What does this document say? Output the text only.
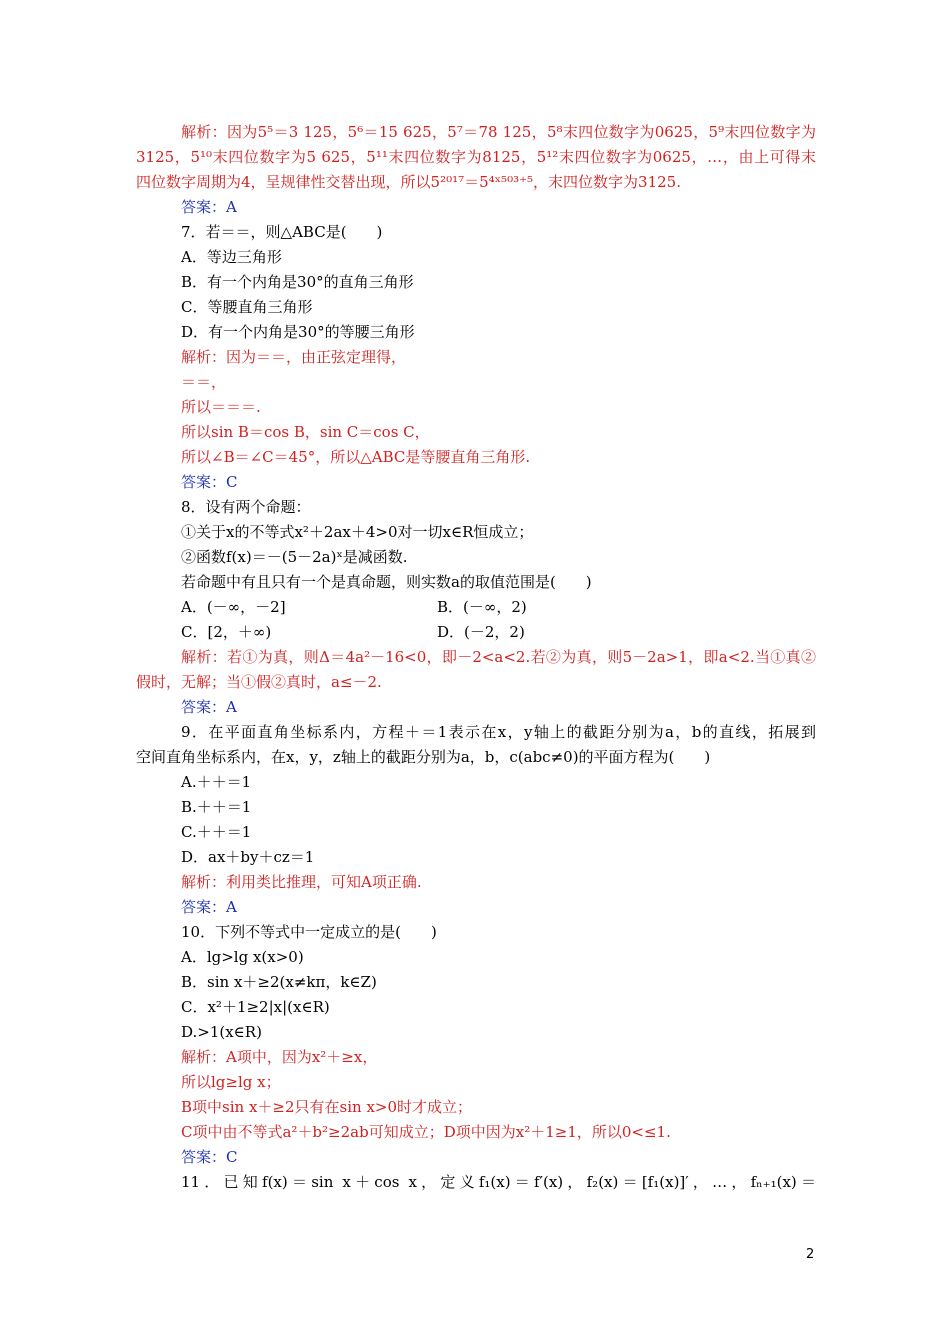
解析：因为5⁵＝3 125，5⁶＝15 625，5⁷＝78 125，5⁸末四位数字为0625，5⁹末四位数字为
3125，5¹⁰末四位数字为5 625，5¹¹末四位数字为8125，5¹²末四位数字为0625，…，由上可得末
四位数字周期为4，呈规律性交替出现，所以5²⁰¹⁷＝5⁴ˣ⁵⁰³⁺⁵，末四位数字为3125.
答案：A
7．若＝＝，则△ABC是(　　)
A．等边三角形
B．有一个内角是30°的直角三角形
C．等腰直角三角形
D．有一个内角是30°的等腰三角形
解析：因为＝＝，由正弦定理得，
＝＝，
所以＝＝＝.
所以sin B＝cos B，sin C＝cos C，
所以∠B＝∠C＝45°，所以△ABC是等腰直角三角形.
答案：C
8．设有两个命题：
①关于x的不等式x²＋2ax＋4>0对一切x∈R恒成立；
②函数f(x)＝－(5－2a)ˣ是减函数.
若命题中有且只有一个是真命题，则实数a的取值范围是(　　)
A．(－∞，－2]	B．(－∞，2)
C．[2，＋∞)	D．(－2，2)
解析：若①为真，则Δ＝4a²－16<0，即－2<a<2.若②为真，则5－2a>1，即a<2.当①真②
假时，无解；当①假②真时，a≤－2.
答案：A
9．在平面直角坐标系内，方程＋＝1表示在x，y轴上的截距分别为a，b的直线，拓展到
空间直角坐标系内，在x，y，z轴上的截距分别为a，b，c(abc≠0)的平面方程为(　　)
A.＋＋＝1
B.＋＋＝1
C.＋＋＝1
D．ax＋by＋cz＝1
解析：利用类比推理，可知A项正确.
答案：A
10．下列不等式中一定成立的是(　　)
A．lg>lg x(x>0)
B．sin x＋≥2(x≠kπ，k∈Z)
C．x²＋1≥2|x|(x∈R)
D.>1(x∈R)
解析：A项中，因为x²＋≥x，
所以lg≥lg x；
B项中sin x＋≥2只有在sin x>0时才成立；
C项中由不等式a²＋b²≥2ab可知成立；D项中因为x²＋1≥1，所以0<≤1.
答案：C
11．已知f(x)＝sin x＋cos x，定义f₁(x)＝f′(x)，f₂(x)＝[f₁(x)]′，…，fₙ₊₁(x)＝
2
